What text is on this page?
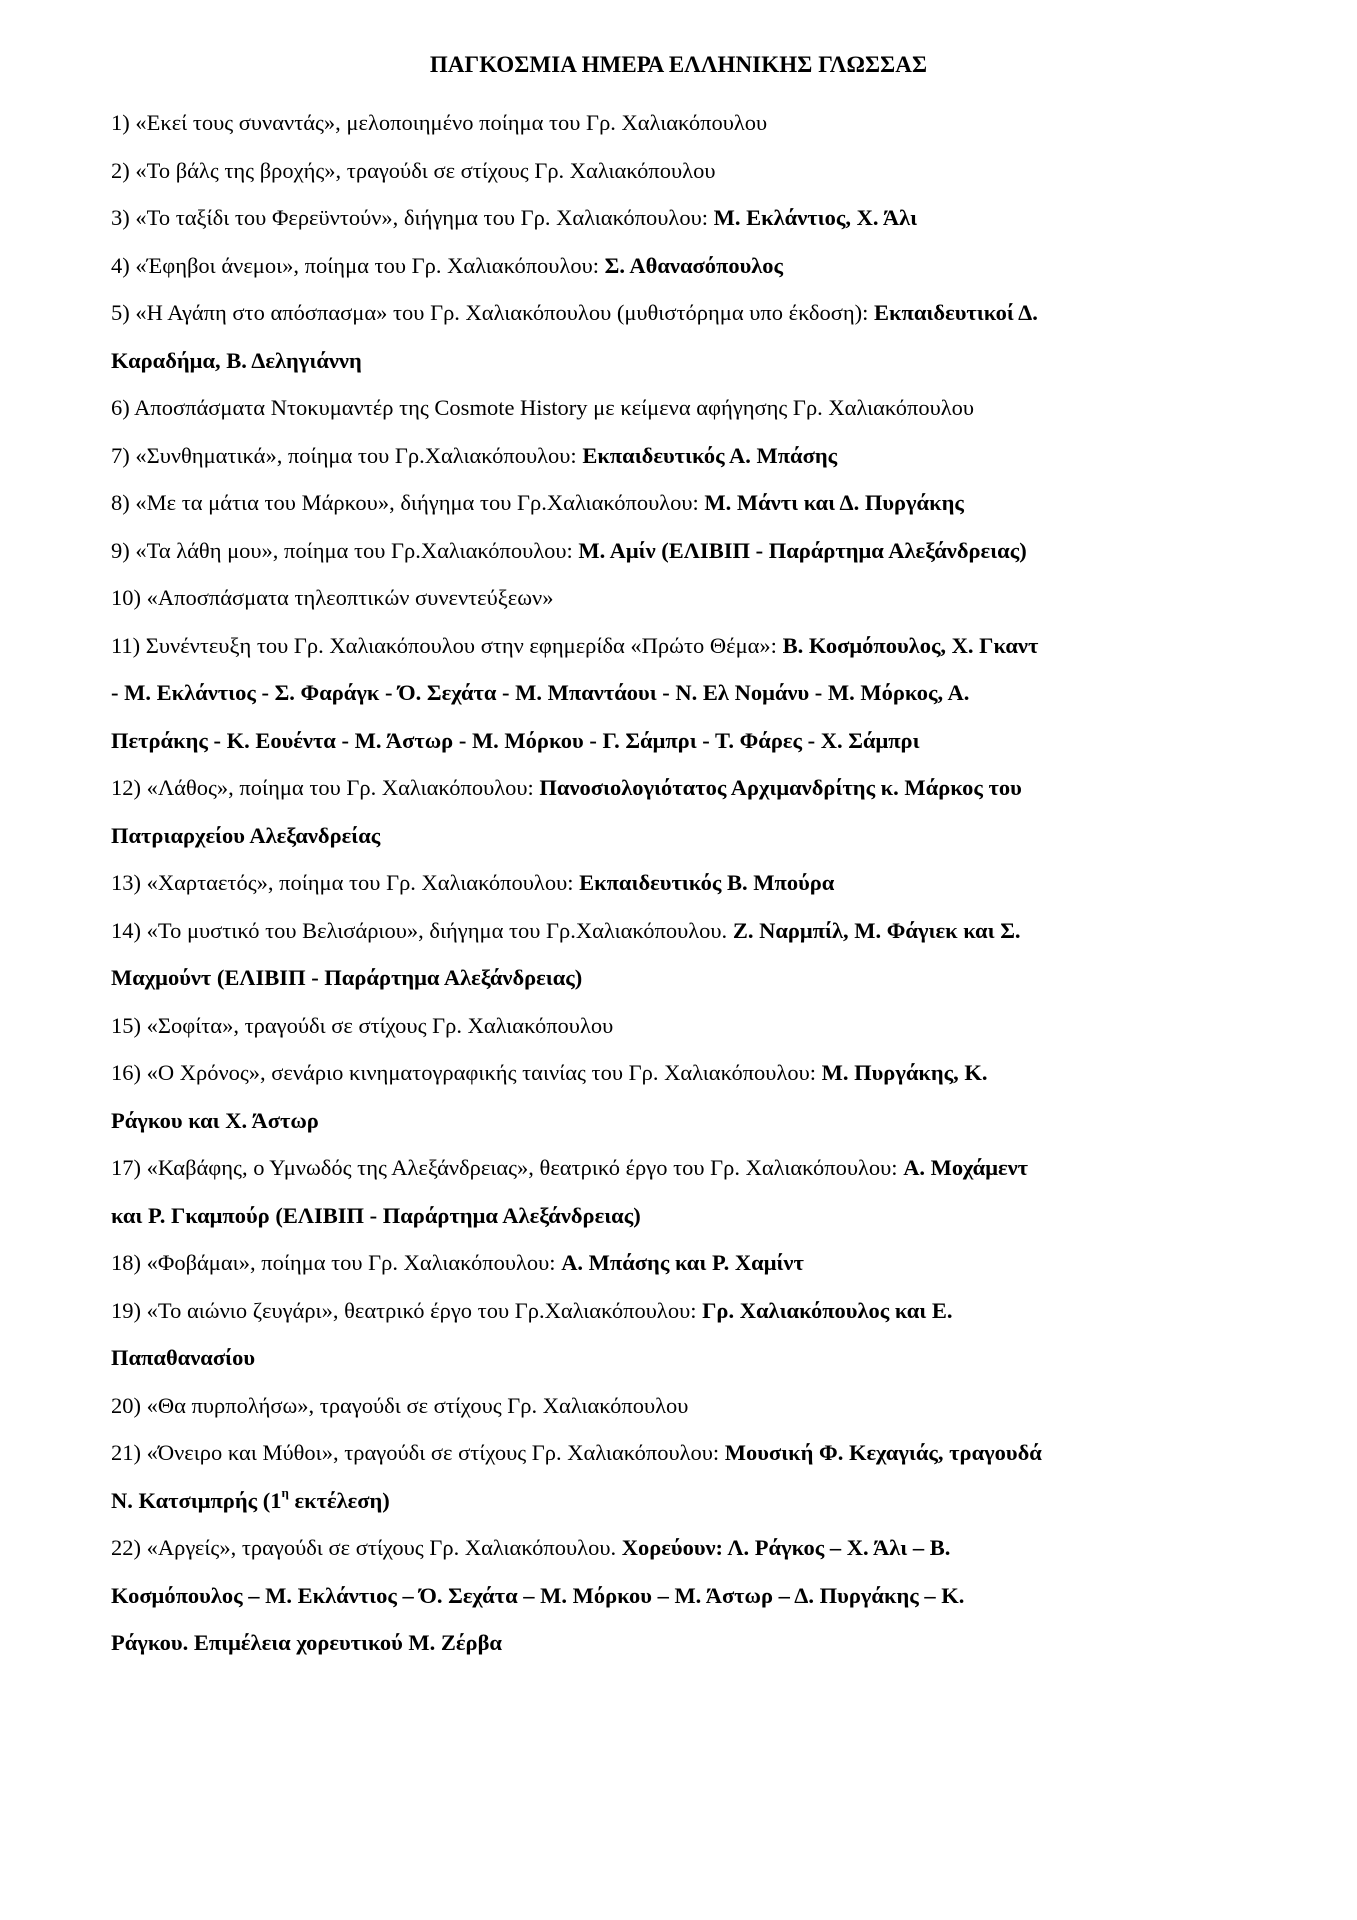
ΠΑΓΚΟΣΜΙΑ ΗΜΕΡΑ ΕΛΛΗΝΙΚΗΣ ΓΛΩΣΣΑΣ
1) «Εκεί τους συναντάς», μελοποιημένο ποίημα του Γρ. Χαλιακόπουλου
2) «Το βάλς της βροχής», τραγούδι σε στίχους Γρ. Χαλιακόπουλου
3) «Το ταξίδι του Φερεϋντούν», διήγημα του Γρ. Χαλιακόπουλου: Μ. Εκλάντιος, Χ. Άλι
4) «Έφηβοι άνεμοι», ποίημα του Γρ. Χαλιακόπουλου: Σ. Αθανασόπουλος
5) «Η Αγάπη στο απόσπασμα» του Γρ. Χαλιακόπουλου (μυθιστόρημα υπο έκδοση): Εκπαιδευτικοί Δ.
Καραδήμα, Β. Δεληγιάννη
6) Αποσπάσματα Ντοκυμαντέρ της Cosmote History με κείμενα αφήγησης Γρ. Χαλιακόπουλου
7) «Συνθηματικά», ποίημα του Γρ.Χαλιακόπουλου: Εκπαιδευτικός Α. Μπάσης
8) «Με τα μάτια του Μάρκου», διήγημα του Γρ.Χαλιακόπουλου: Μ. Μάντι και Δ. Πυργάκης
9) «Τα λάθη μου», ποίημα του Γρ.Χαλιακόπουλου: Μ. Αμίν (ΕΛΙΒΙΠ - Παράρτημα Αλεξάνδρειας)
10) «Αποσπάσματα τηλεοπτικών συνεντεύξεων»
11) Συνέντευξη του Γρ. Χαλιακόπουλου στην εφημερίδα «Πρώτο Θέμα»: Β. Κοσμόπουλος, Χ. Γκαντ
- Μ. Εκλάντιος - Σ. Φαράγκ - Ό. Σεχάτα - Μ. Μπαντάουι - Ν. Ελ Νομάνυ - Μ. Μόρκος, Α.
Πετράκης - Κ. Εουέντα - Μ. Άστωρ - Μ. Μόρκου - Γ. Σάμπρι - Τ. Φάρες - Χ. Σάμπρι
12) «Λάθος», ποίημα του Γρ. Χαλιακόπουλου: Πανοσιολογιότατος Αρχιμανδρίτης κ. Μάρκος του
Πατριαρχείου Αλεξανδρείας
13) «Χαρταετός», ποίημα του Γρ. Χαλιακόπουλου: Εκπαιδευτικός Β. Μπούρα
14) «Το μυστικό του Βελισάριου», διήγημα του Γρ.Χαλιακόπουλου. Ζ. Ναρμπίλ, Μ. Φάγιεκ και Σ.
Μαχμούντ (ΕΛΙΒΙΠ - Παράρτημα Αλεξάνδρειας)
15) «Σοφίτα», τραγούδι σε στίχους Γρ. Χαλιακόπουλου
16) «Ο Χρόνος», σενάριο κινηματογραφικής ταινίας του Γρ. Χαλιακόπουλου: Μ. Πυργάκης, Κ.
Ράγκου και Χ. Άστωρ
17) «Καβάφης, ο Υμνωδός της Αλεξάνδρειας», θεατρικό έργο του Γρ. Χαλιακόπουλου: Α. Μοχάμεντ
και Ρ. Γκαμπούρ (ΕΛΙΒΙΠ - Παράρτημα Αλεξάνδρειας)
18) «Φοβάμαι», ποίημα του Γρ. Χαλιακόπουλου: Α. Μπάσης και Ρ. Χαμίντ
19) «Το αιώνιο ζευγάρι», θεατρικό έργο του Γρ.Χαλιακόπουλου: Γρ. Χαλιακόπουλος και Ε.
Παπαθανασίου
20) «Θα πυρπολήσω», τραγούδι σε στίχους Γρ. Χαλιακόπουλου
21) «Όνειρο και Μύθοι», τραγούδι σε στίχους Γρ. Χαλιακόπουλου: Μουσική Φ. Κεχαγιάς, τραγουδά
Ν. Κατσιμπρής ($1^\eta$ εκτέλεση)
22) «Αργείς», τραγούδι σε στίχους Γρ. Χαλιακόπουλου. Χορεύουν: Λ. Ράγκος – Χ. Άλι – Β.
Κοσμόπουλος – Μ. Εκλάντιος – Ό. Σεχάτα – Μ. Μόρκου – Μ. Άστωρ – Δ. Πυργάκης – Κ.
Ράγκου. Επιμέλεια χορευτικού Μ. Ζέρβα
